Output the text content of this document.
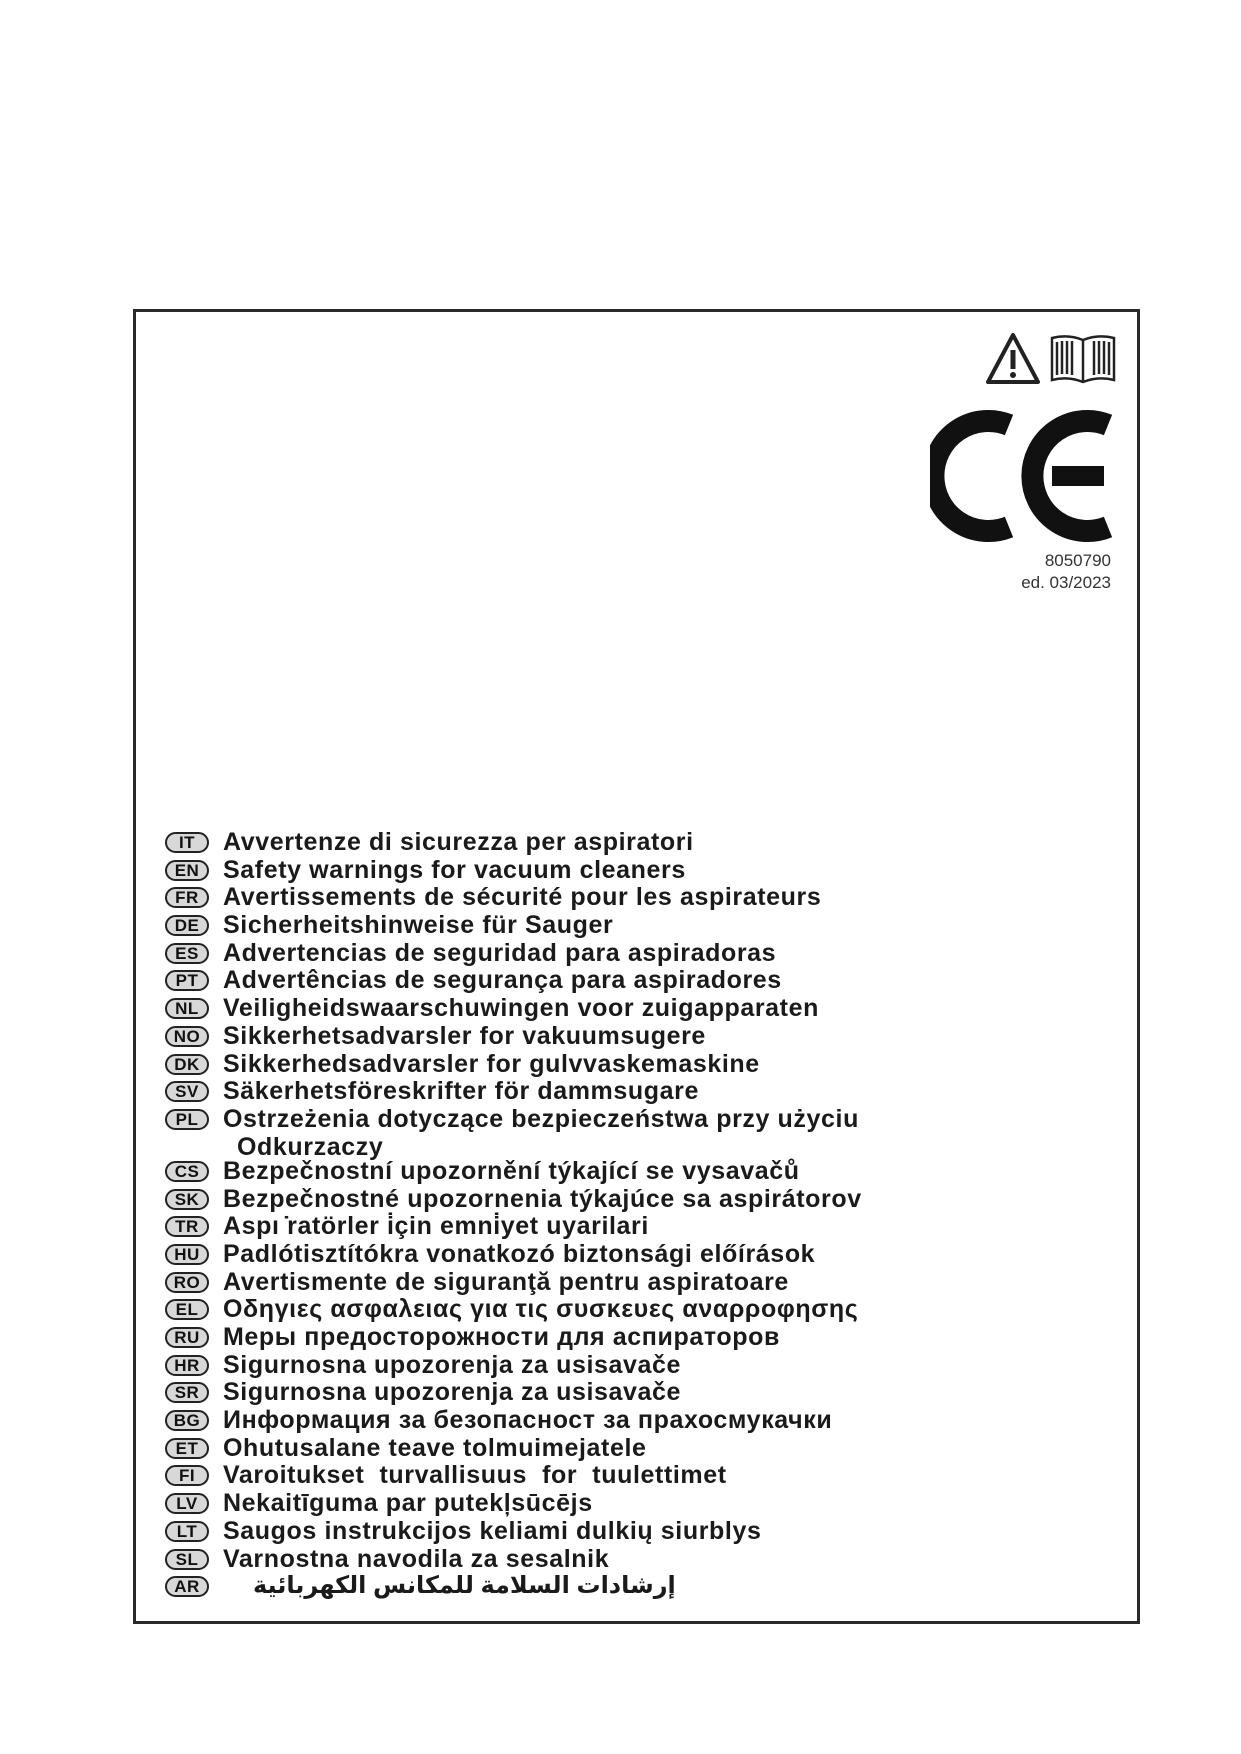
8050790
ed. 03/2023
IT	Avvertenze di sicurezza per aspiratori
EN Safety warnings for vacuum cleaners
FR Avertissements de sécurité pour les aspirateurs
DE Sicherheitshinweise für Sauger
ES Advertencias de seguridad para aspiradoras
PT Advertências de segurança para aspiradores
NL Veiligheidswaarschuwingen voor zuigapparaten
NO Sikkerhetsadvarsler for vakuumsugere
DK Sikkerhedsadvarsler for gulvvaskemaskine
SV Säkerhetsföreskrifter för dammsugare
PL Ostrzeżenia dotyczące bezpieczeństwa przy użyciu
Odkurzaczy
CS Bezpečnostní upozornění týkající se vysavačů
SK Bezpečnostné upozornenia týkajúce sa aspirátorov
TR Aspı ̇ratörler i̇çin emni̇yet uyarilari
HU Padlótisztítókra vonatkozó biztonsági előírások
RO Avertismente de siguranţă pentru aspiratoare
EL Οδηγιες ασφαλειας για τις συσκευες αναρροφησης
RU Меры предосторожности для аспираторов
HR Sigurnosna upozorenja za usisavače
SR Sigurnosna upozorenja za usisavače
BG Информация за безопасност за прахосмукачки
ET Ohutusalane teave tolmuimejatele
FI	Varoitukset  turvallisuus  for  tuulettimet
LV	Nekaitīguma par putekļsūcējs
LT	Saugos instrukcijos keliami dulkių siurblys
SL Varnostna navodila za sesalnik
AR	إرشادات السلامة للمكانس الكهربائية
